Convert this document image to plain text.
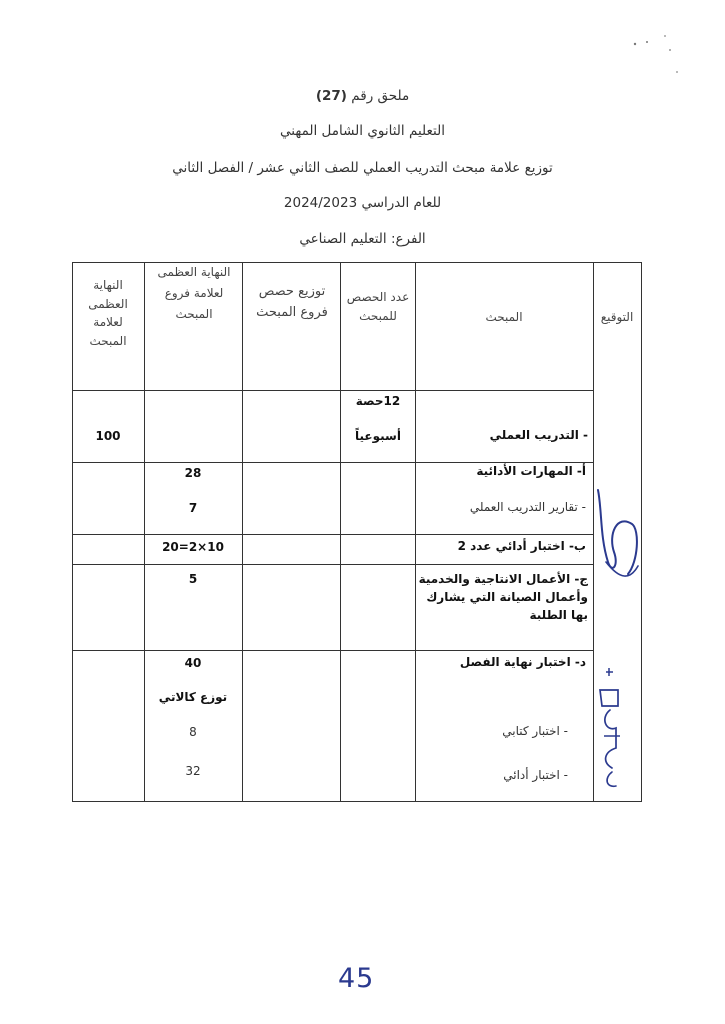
ملحق رقم (27)
التعليم الثانوي الشامل المهني
توزيع علامة مبحث التدريب العملي للصف الثاني عشر / الفصل الثاني
للعام الدراسي 2024/2023
الفرع: التعليم الصناعي
التوقيع
المبحث
عدد الحصص للمبحث
توزيع حصص فروع المبحث
النهاية العظمى لعلامة فروع المبحث
النهاية العظمى لعلامة المبحث
- التدريب العملي
12حصة
أسبوعياً
100
أ- المهارات الأدائية
- تقارير التدريب العملي
28
7
ب- اختبار أدائي عدد 2
20=2×10
ج- الأعمال الانتاجية والخدمية وأعمال الصيانة التي يشارك بها الطلبة
5
د- اختبار نهاية الفصل
- اختبار كتابي
- اختبار أدائي
40
توزع كالاتي
8
32
45
